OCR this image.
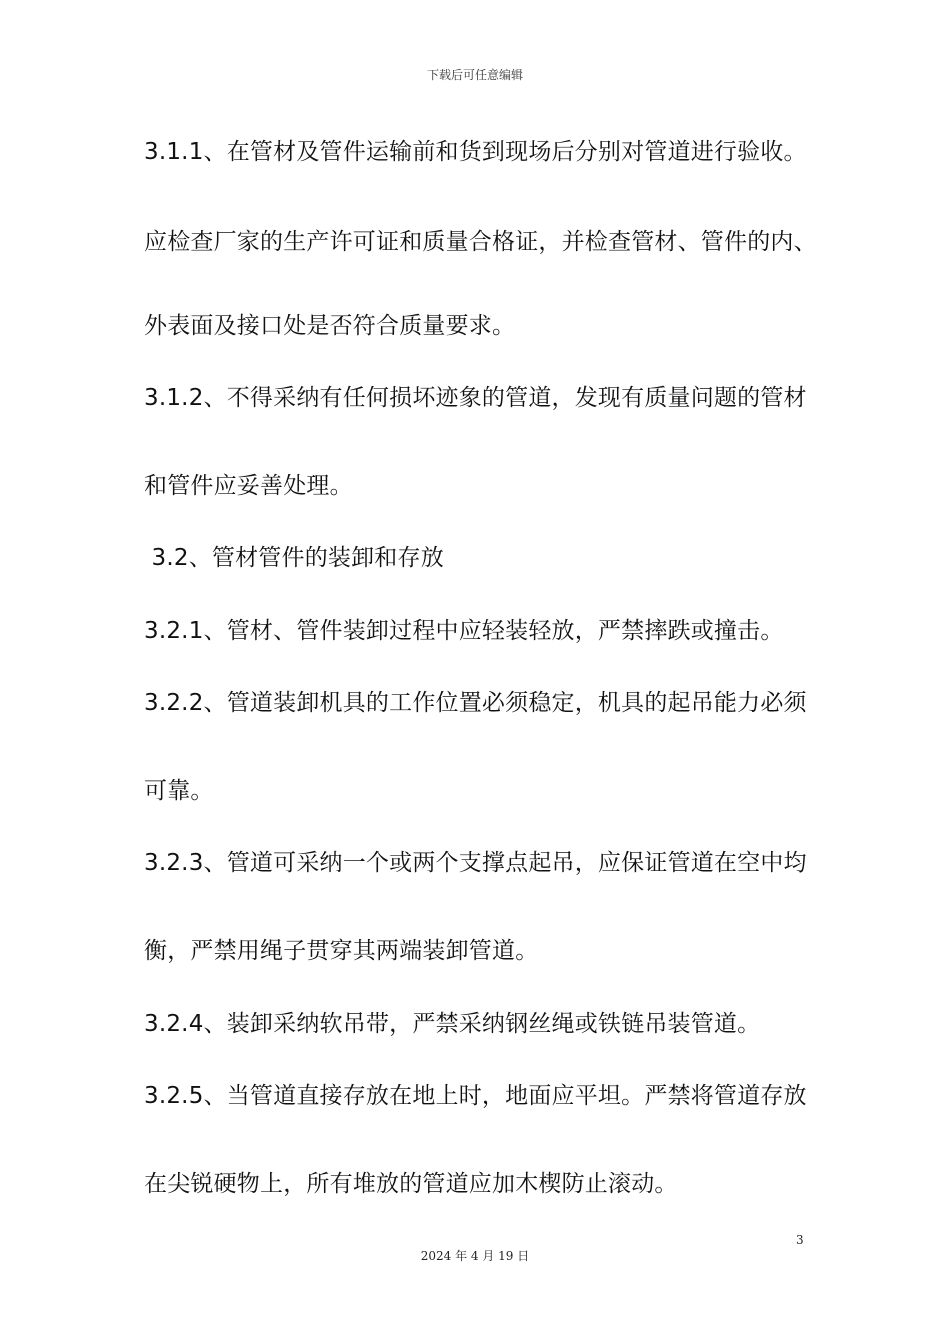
下载后可任意编辑
3.1.1、在管材及管件运输前和货到现场后分别对管道进行验收。
应检查厂家的生产许可证和质量合格证，并检查管材、管件的内、
外表面及接口处是否符合质量要求。
3.1.2、不得采纳有任何损坏迹象的管道，发现有质量问题的管材
和管件应妥善处理。
3.2、管材管件的装卸和存放
3.2.1、管材、管件装卸过程中应轻装轻放，严禁摔跌或撞击。
3.2.2、管道装卸机具的工作位置必须稳定，机具的起吊能力必须
可靠。
3.2.3、管道可采纳一个或两个支撑点起吊，应保证管道在空中均
衡，严禁用绳子贯穿其两端装卸管道。
3.2.4、装卸采纳软吊带，严禁采纳钢丝绳或铁链吊装管道。
3.2.5、当管道直接存放在地上时，地面应平坦。严禁将管道存放
在尖锐硬物上，所有堆放的管道应加木楔防止滚动。
3
2024 年 4 月 19 日
